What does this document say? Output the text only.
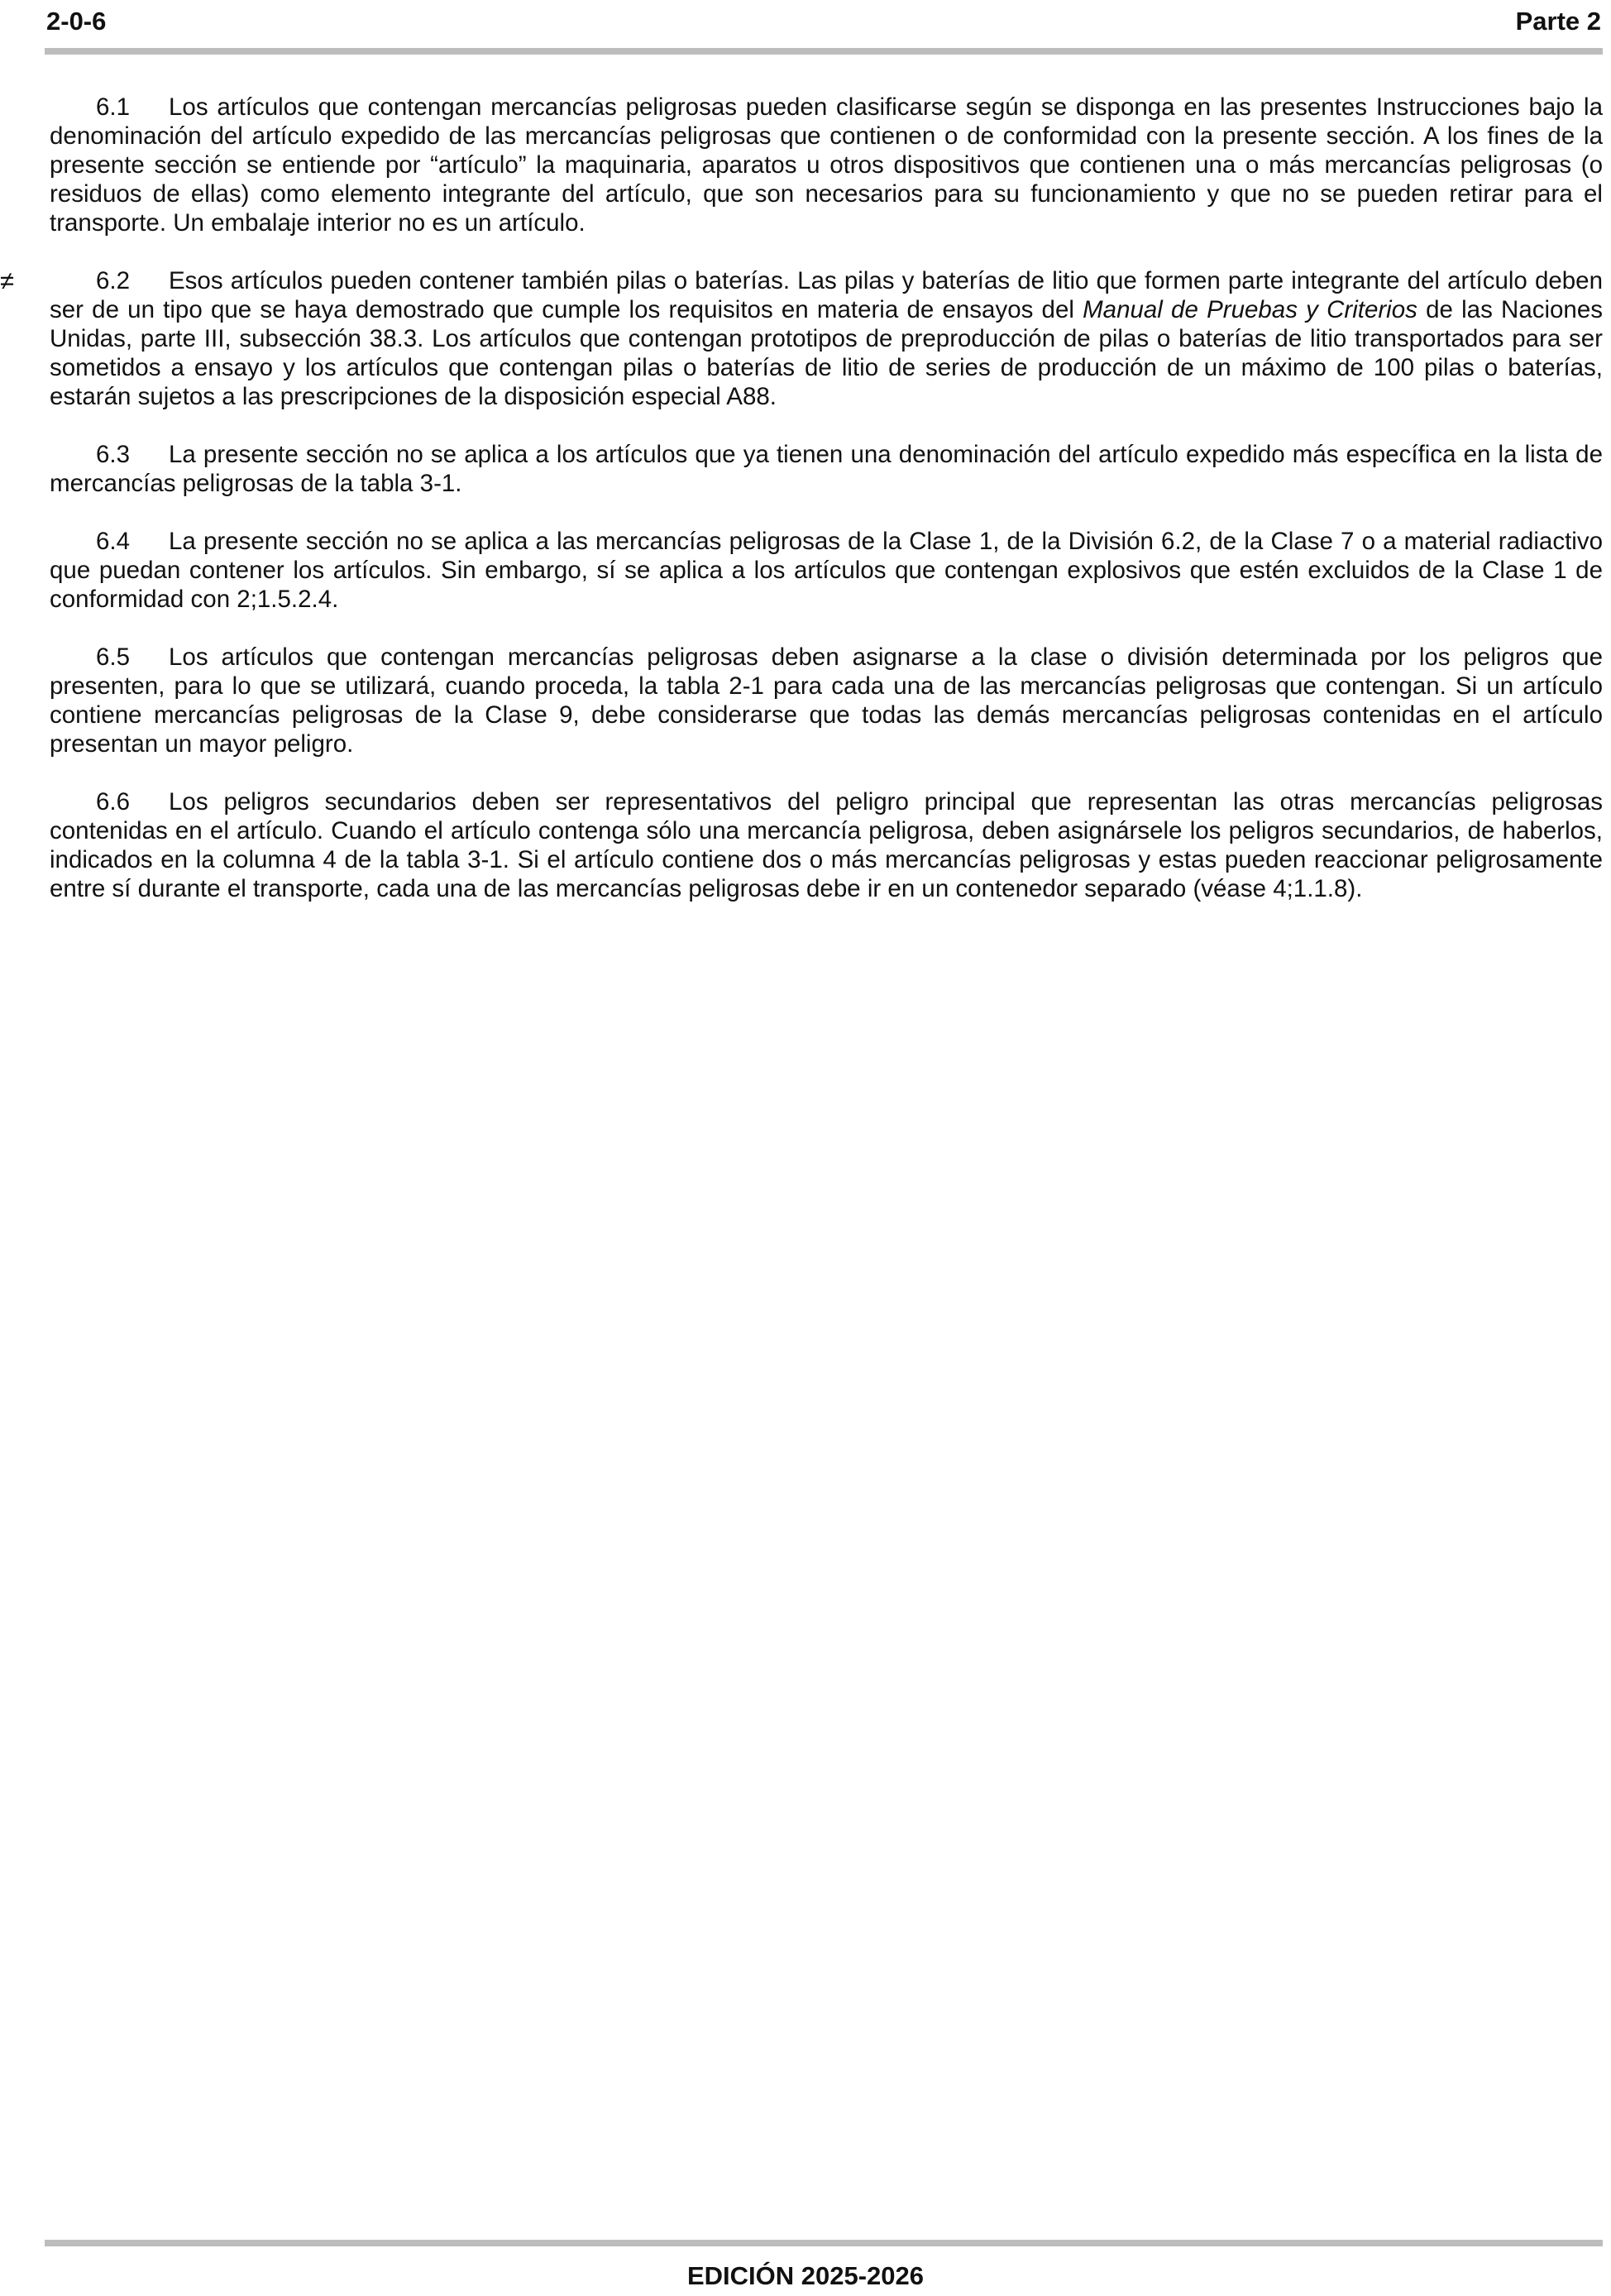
2-0-6	Parte 2

6.1 Los artículos que contengan mercancías peligrosas pueden clasificarse según se disponga en las presentes Instrucciones bajo la denominación del artículo expedido de las mercancías peligrosas que contienen o de conformidad con la presente sección. A los fines de la presente sección se entiende por “artículo” la maquinaria, aparatos u otros dispositivos que contienen una o más mercancías peligrosas (o residuos de ellas) como elemento integrante del artículo, que son necesarios para su funcionamiento y que no se pueden retirar para el transporte. Un embalaje interior no es un artículo.

≠	6.2 Esos artículos pueden contener también pilas o baterías. Las pilas y baterías de litio que formen parte integrante del artículo deben ser de un tipo que se haya demostrado que cumple los requisitos en materia de ensayos del Manual de Pruebas y Criterios de las Naciones Unidas, parte III, subsección 38.3. Los artículos que contengan prototipos de preproducción de pilas o baterías de litio transportados para ser sometidos a ensayo y los artículos que contengan pilas o baterías de litio de series de producción de un máximo de 100 pilas o baterías, estarán sujetos a las prescripciones de la disposición especial A88.

6.3 La presente sección no se aplica a los artículos que ya tienen una denominación del artículo expedido más específica en la lista de mercancías peligrosas de la tabla 3-1.

6.4 La presente sección no se aplica a las mercancías peligrosas de la Clase 1, de la División 6.2, de la Clase 7 o a material radiactivo que puedan contener los artículos. Sin embargo, sí se aplica a los artículos que contengan explosivos que estén excluidos de la Clase 1 de conformidad con 2;1.5.2.4.

6.5 Los artículos que contengan mercancías peligrosas deben asignarse a la clase o división determinada por los peligros que presenten, para lo que se utilizará, cuando proceda, la tabla 2-1 para cada una de las mercancías peligrosas que contengan. Si un artículo contiene mercancías peligrosas de la Clase 9, debe considerarse que todas las demás mercancías peligrosas contenidas en el artículo presentan un mayor peligro.

6.6 Los peligros secundarios deben ser representativos del peligro principal que representan las otras mercancías peligrosas contenidas en el artículo. Cuando el artículo contenga sólo una mercancía peligrosa, deben asignársele los peligros secundarios, de haberlos, indicados en la columna 4 de la tabla 3-1. Si el artículo contiene dos o más mercancías peligrosas y estas pueden reaccionar peligrosamente entre sí durante el transporte, cada una de las mercancías peligrosas debe ir en un contenedor separado (véase 4;1.1.8).

EDICIÓN 2025-2026
